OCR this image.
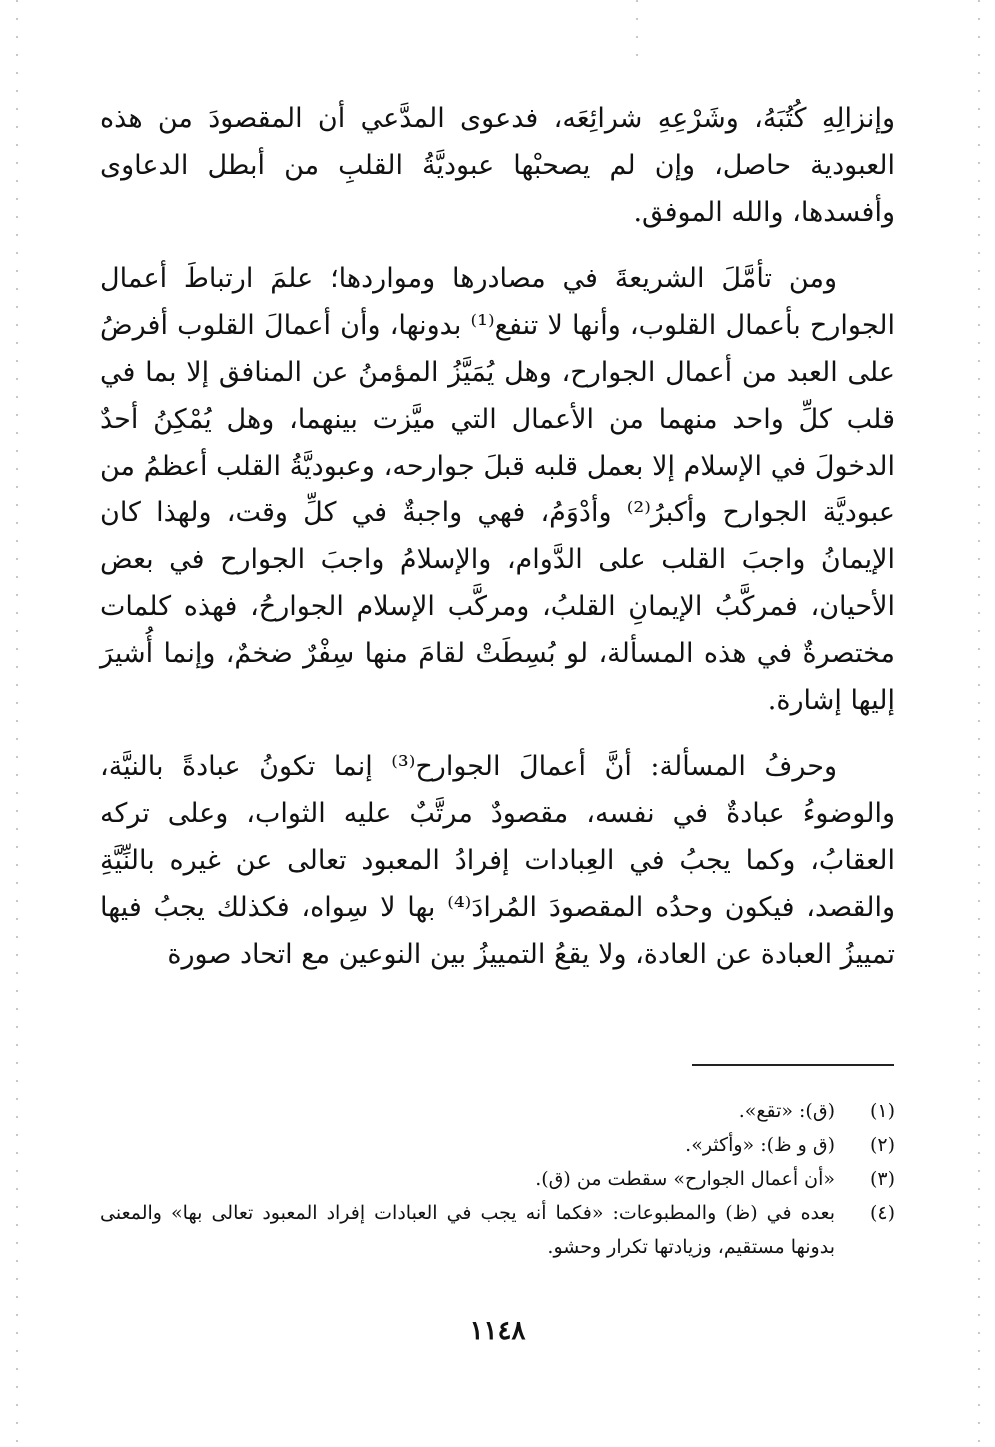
وإنزالِهِ كُتُبَهُ، وشَرْعِهِ شرائِعَه، فدعوى المدَّعي أن المقصودَ من هذه العبودية حاصل، وإن لم يصحبْها عبوديَّةُ القلبِ من أبطل الدعاوى وأفسدها، والله الموفق.

ومن تأمَّلَ الشريعةَ في مصادرها ومواردها؛ علمَ ارتباطَ أعمال الجوارح بأعمال القلوب، وأنها لا تنفع⁽¹⁾ بدونها، وأن أعمالَ القلوب أفرضُ على العبد من أعمال الجوارح، وهل يُمَيَّزُ المؤمنُ عن المنافق إلا بما في قلب كلِّ واحد منهما من الأعمال التي ميَّزت بينهما، وهل يُمْكِنُ أحدٌ الدخولَ في الإسلام إلا بعمل قلبه قبلَ جوارحه، وعبوديَّةُ القلب أعظمُ من عبوديَّة الجوارح وأكبرُ⁽²⁾ وأدْوَمُ، فهي واجبةٌ في كلِّ وقت، ولهذا كان الإيمانُ واجبَ القلب على الدَّوام، والإسلامُ واجبَ الجوارح في بعض الأحيان، فمركَّبُ الإيمانِ القلبُ، ومركَّب الإسلام الجوارحُ، فهذه كلمات مختصرةٌ في هذه المسألة، لو بُسِطَتْ لقامَ منها سِفْرٌ ضخمٌ، وإنما أُشيرَ إليها إشارة.

وحرفُ المسألة: أنَّ أعمالَ الجوارح⁽³⁾ إنما تكونُ عبادةً بالنيَّة، والوضوءُ عبادةٌ في نفسه، مقصودٌ مرتَّبٌ عليه الثواب، وعلى تركه العقابُ، وكما يجبُ في العِبادات إفرادُ المعبود تعالى عن غيره بالنِّيَّةِ والقصد، فيكون وحدُه المقصودَ المُرادَ⁽⁴⁾ بها لا سِواه، فكذلك يجبُ فيها تمييزُ العبادة عن العادة، ولا يقعُ التمييزُ بين النوعين مع اتحاد صورة

(١)
(ق): «تقع».
(٢)
(ق و ظ): «وأكثر».
(٣)
«أن أعمال الجوارح» سقطت من (ق).
(٤)
بعده في (ظ) والمطبوعات: «فكما أنه يجب في العبادات إفراد المعبود تعالى بها» والمعنى بدونها مستقيم، وزيادتها تكرار وحشو.
١١٤٨
